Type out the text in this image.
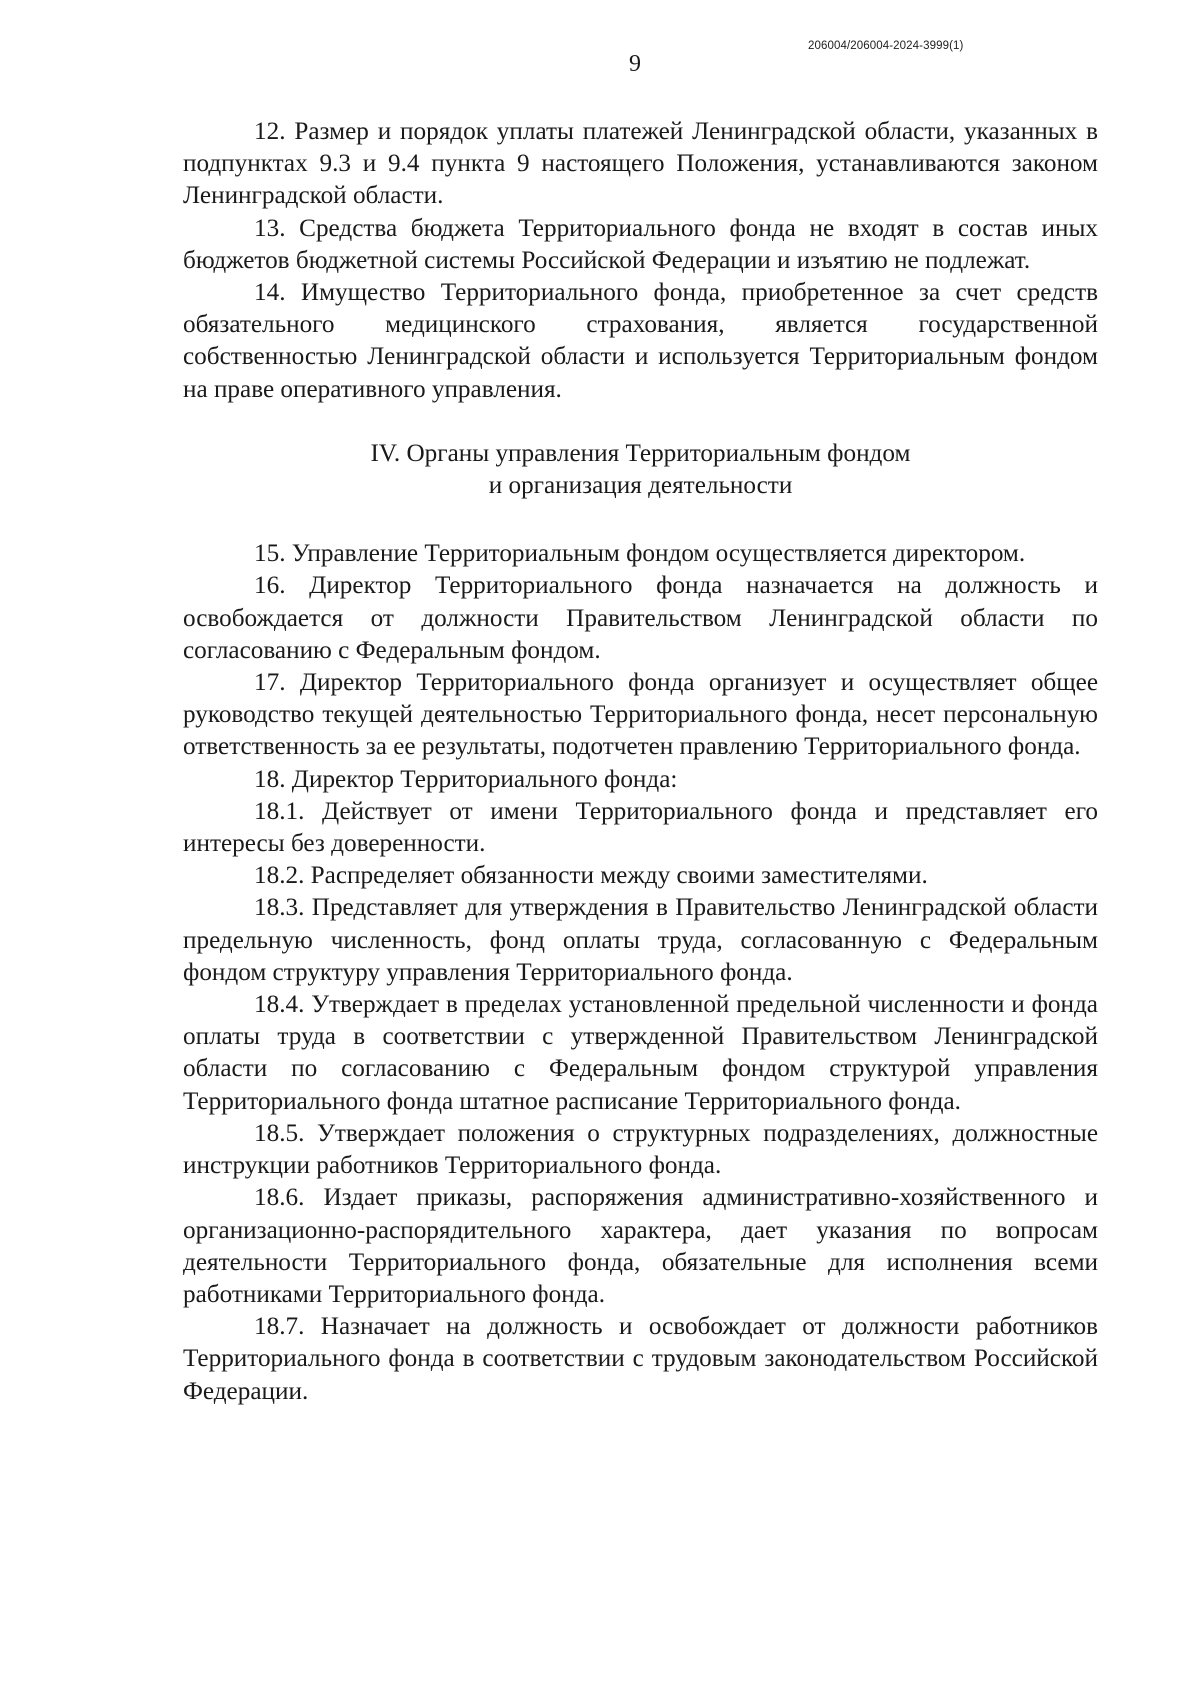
9
206004/206004-2024-3999(1)

12. Размер и порядок уплаты платежей Ленинградской области, указанных в подпунктах 9.3 и 9.4 пункта 9 настоящего Положения, устанавливаются законом Ленинградской области.

13. Средства бюджета Территориального фонда не входят в состав иных бюджетов бюджетной системы Российской Федерации и изъятию не подлежат.

14. Имущество Территориального фонда, приобретенное за счет средств обязательного медицинского страхования, является государственной собственностью Ленинградской области и используется Территориальным фондом на праве оперативного управления.

IV. Органы управления Территориальным фондом
и организация деятельности

15. Управление Территориальным фондом осуществляется директором.

16. Директор Территориального фонда назначается на должность и освобождается от должности Правительством Ленинградской области по согласованию с Федеральным фондом.

17. Директор Территориального фонда организует и осуществляет общее руководство текущей деятельностью Территориального фонда, несет персональную ответственность за ее результаты, подотчетен правлению Территориального фонда.

18. Директор Территориального фонда:

18.1. Действует от имени Территориального фонда и представляет его интересы без доверенности.

18.2. Распределяет обязанности между своими заместителями.

18.3. Представляет для утверждения в Правительство Ленинградской области предельную численность, фонд оплаты труда, согласованную с Федеральным фондом структуру управления Территориального фонда.

18.4. Утверждает в пределах установленной предельной численности и фонда оплаты труда в соответствии с утвержденной Правительством Ленинградской области по согласованию с Федеральным фондом структурой управления Территориального фонда штатное расписание Территориального фонда.

18.5. Утверждает положения о структурных подразделениях, должностные инструкции работников Территориального фонда.

18.6. Издает приказы, распоряжения административно-хозяйственного и организационно-распорядительного характера, дает указания по вопросам деятельности Территориального фонда, обязательные для исполнения всеми работниками Территориального фонда.

18.7. Назначает на должность и освобождает от должности работников Территориального фонда в соответствии с трудовым законодательством Российской Федерации.
